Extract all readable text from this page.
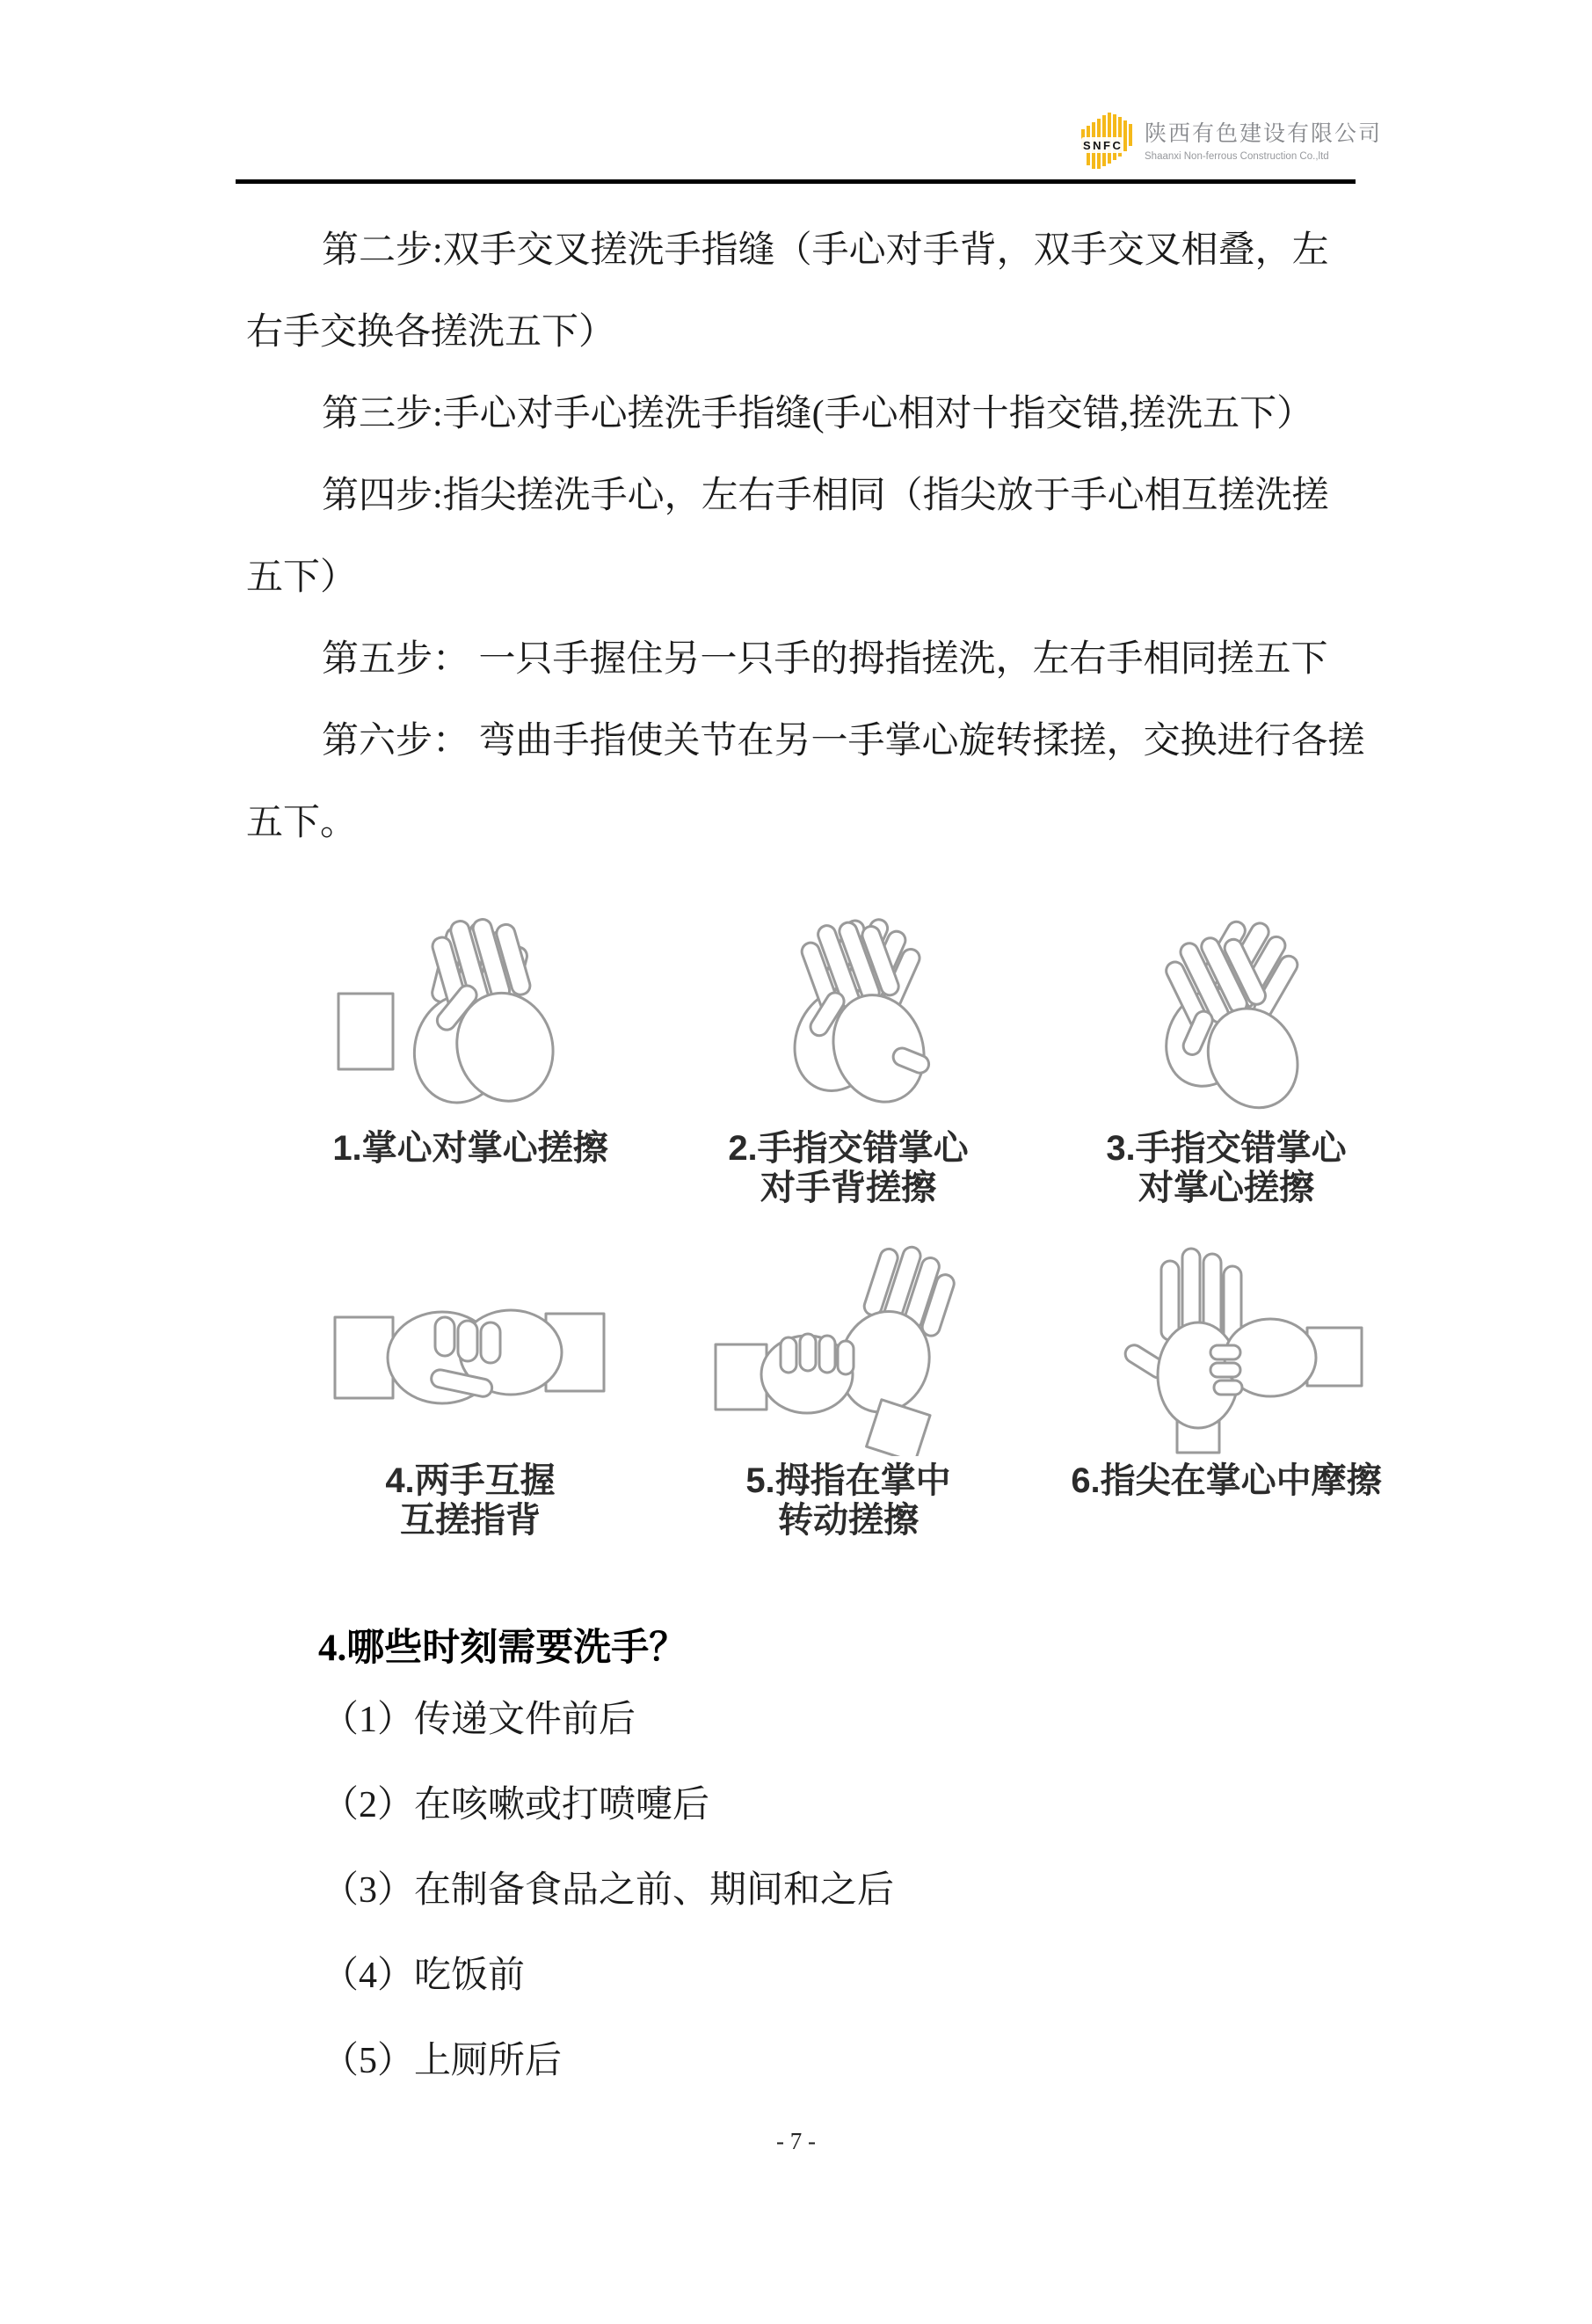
SNFC 陕西有色建设有限公司
Shaanxi Non-ferrous Construction Co.,ltd
第二步:双手交叉搓洗手指缝（手心对手背，双手交叉相叠，左
右手交换各搓洗五下）
第三步:手心对手心搓洗手指缝(手心相对十指交错,搓洗五下）
第四步:指尖搓洗手心，左右手相同（指尖放于手心相互搓洗搓
五下）
第五步： 一只手握住另一只手的拇指搓洗，左右手相同搓五下
第六步： 弯曲手指使关节在另一手掌心旋转揉搓，交换进行各搓
五下。
1.掌心对掌心搓擦	2.手指交错掌心
对手背搓擦
3.手指交错掌心
对掌心搓擦
4.两手互握
互搓指背
5.拇指在掌中
转动搓擦
6.指尖在掌心中摩擦
4.哪些时刻需要洗手？
（1）传递文件前后
（2）在咳嗽或打喷嚏后
（3）在制备食品之前、期间和之后
（4）吃饭前
（5）上厕所后
- 7 -
